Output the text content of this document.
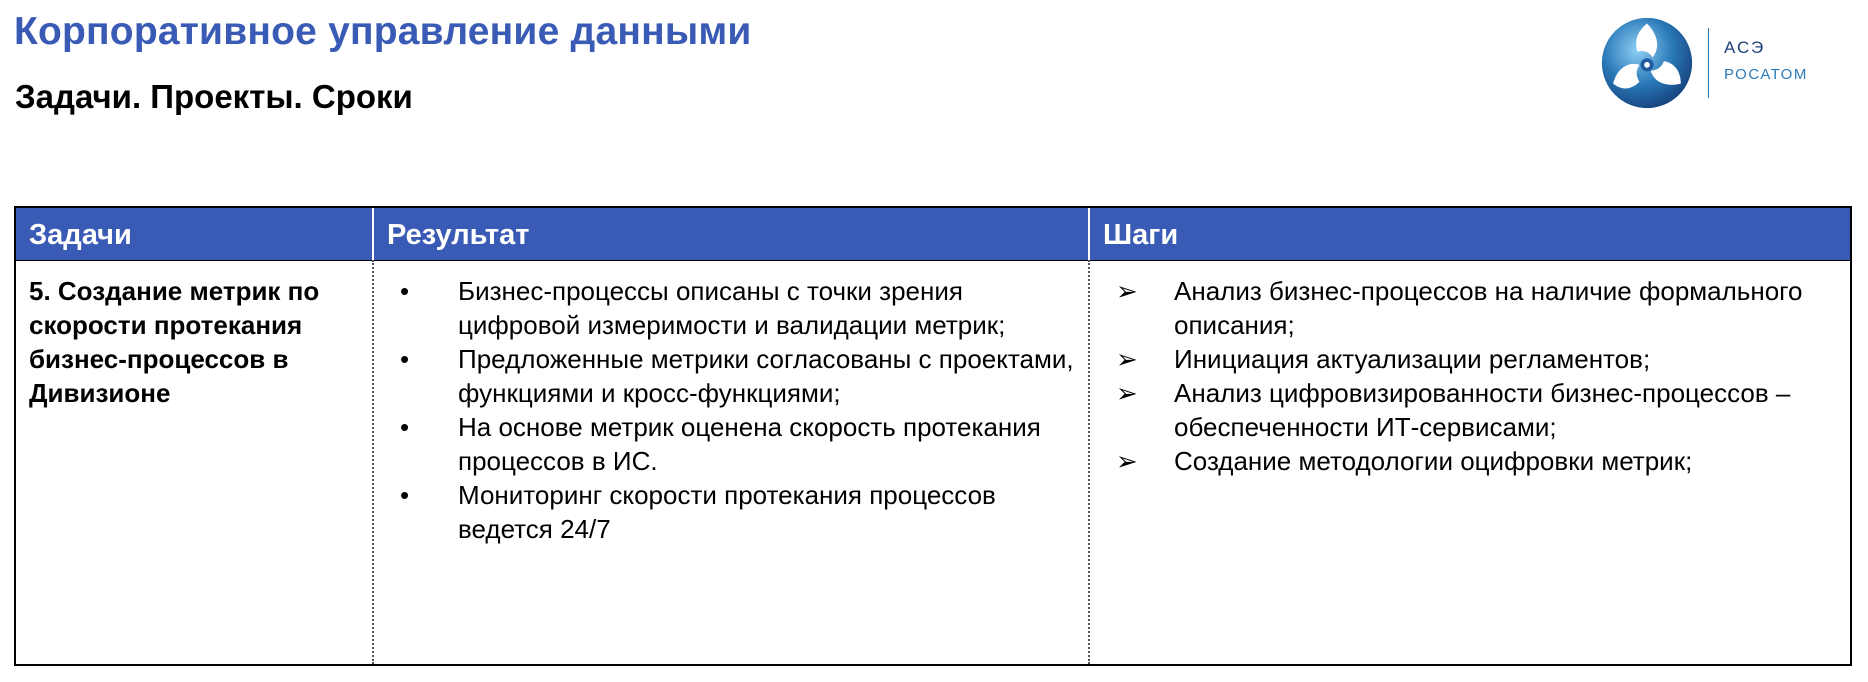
Корпоративное управление данными
Задачи. Проекты. Сроки
АСЭ
РОСАТОМ
Задачи	Результат	Шаги
5. Создание метрик по скорости протекания бизнес-процессов в Дивизионе
• Бизнес-процессы описаны с точки зрения цифровой измеримости и валидации метрик;
• Предложенные метрики согласованы с проектами, функциями и кросс-функциями;
• На основе метрик оценена скорость протекания процессов в ИС.
• Мониторинг скорости протекания процессов ведется 24/7
➢ Анализ бизнес-процессов на наличие формального описания;
➢ Инициация актуализации регламентов;
➢ Анализ цифровизированности бизнес-процессов – обеспеченности ИТ-сервисами;
➢ Создание методологии оцифровки метрик;
